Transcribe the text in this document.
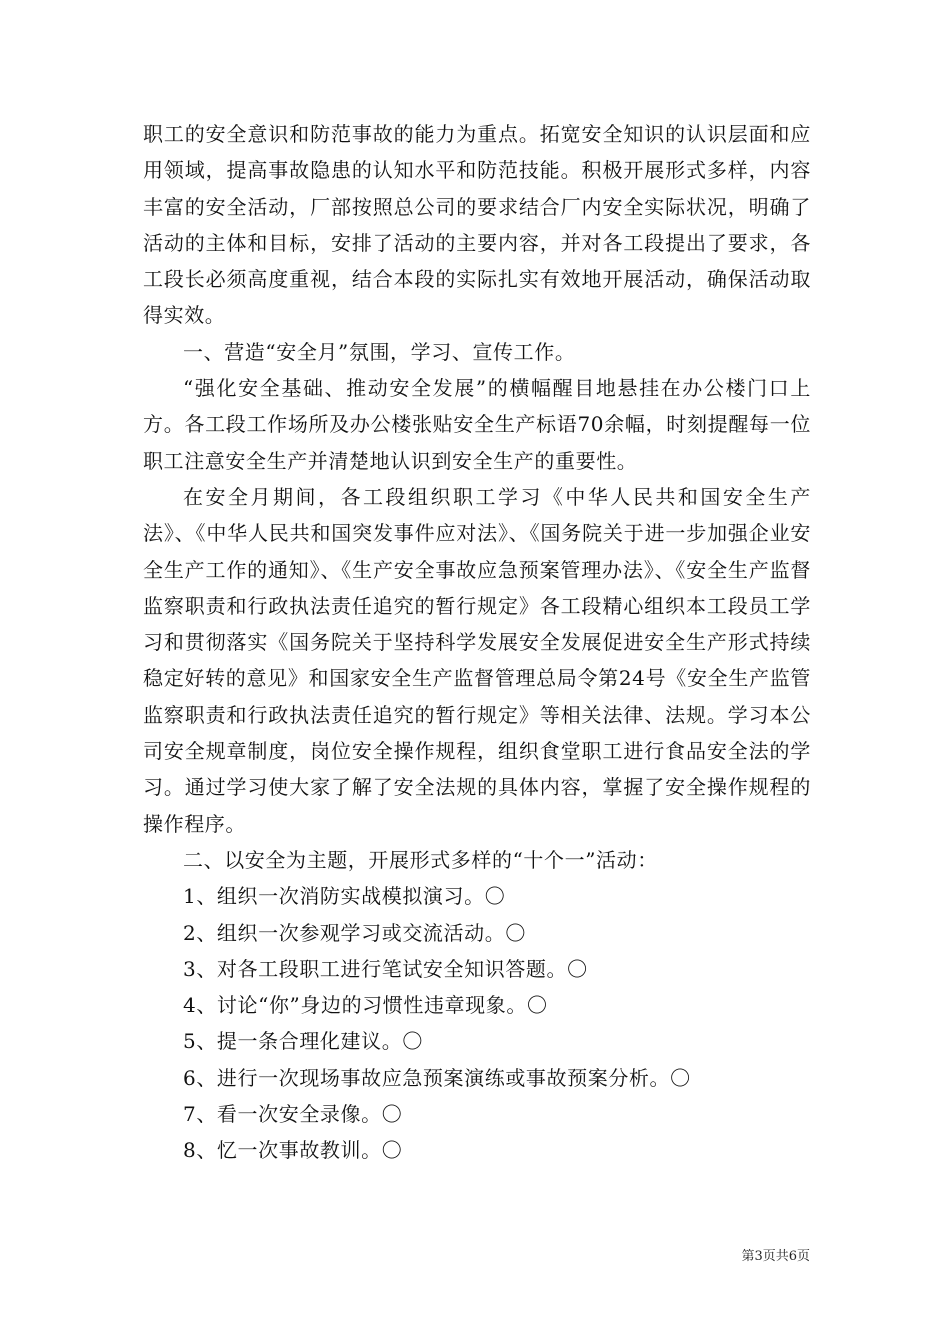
职工的安全意识和防范事故的能力为重点。拓宽安全知识的认识层面和应用领域，提高事故隐患的认知水平和防范技能。积极开展形式多样，内容丰富的安全活动，厂部按照总公司的要求结合厂内安全实际状况，明确了活动的主体和目标，安排了活动的主要内容，并对各工段提出了要求，各工段长必须高度重视，结合本段的实际扎实有效地开展活动，确保活动取得实效。

一、营造“安全月”氛围，学习、宣传工作。

“强化安全基础、推动安全发展”的横幅醒目地悬挂在办公楼门口上方。各工段工作场所及办公楼张贴安全生产标语70余幅，时刻提醒每一位职工注意安全生产并清楚地认识到安全生产的重要性。

在安全月期间，各工段组织职工学习《中华人民共和国安全生产法》、《中华人民共和国突发事件应对法》、《国务院关于进一步加强企业安全生产工作的通知》、《生产安全事故应急预案管理办法》、《安全生产监督监察职责和行政执法责任追究的暂行规定》各工段精心组织本工段员工学习和贯彻落实《国务院关于坚持科学发展安全发展促进安全生产形式持续稳定好转的意见》和国家安全生产监督管理总局令第24号《安全生产监管监察职责和行政执法责任追究的暂行规定》等相关法律、法规。学习本公司安全规章制度，岗位安全操作规程，组织食堂职工进行食品安全法的学习。通过学习使大家了解了安全法规的具体内容，掌握了安全操作规程的操作程序。

二、以安全为主题，开展形式多样的“十个一”活动：

1、组织一次消防实战模拟演习。〇

2、组织一次参观学习或交流活动。〇

3、对各工段职工进行笔试安全知识答题。〇

4、讨论“你”身边的习惯性违章现象。〇

5、提一条合理化建议。〇

6、进行一次现场事故应急预案演练或事故预案分析。〇

7、看一次安全录像。〇

8、忆一次事故教训。〇

第3页共6页
